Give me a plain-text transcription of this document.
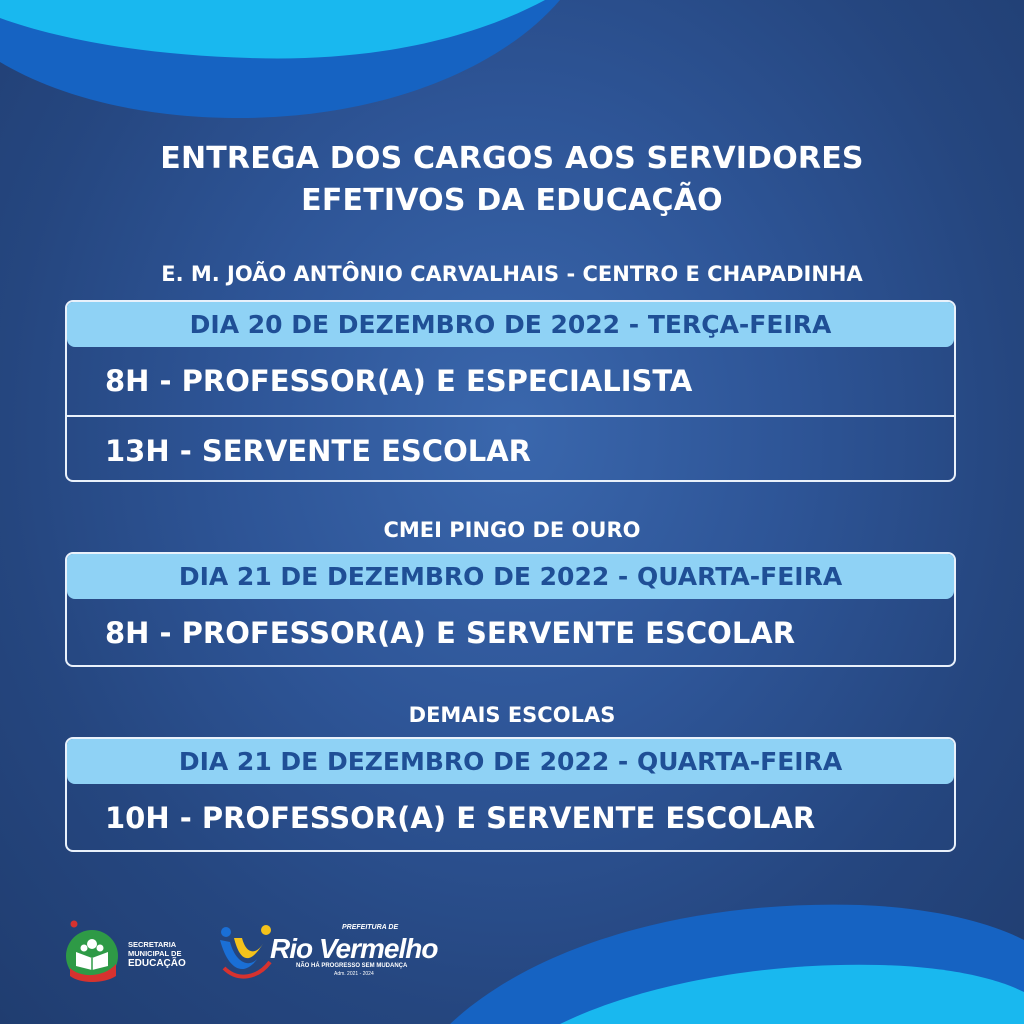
ENTREGA DOS CARGOS AOS SERVIDORES
EFETIVOS DA EDUCAÇÃO
E. M. JOÃO ANTÔNIO CARVALHAIS - CENTRO E CHAPADINHA
DIA 20 DE DEZEMBRO DE 2022 - TERÇA-FEIRA
8H - PROFESSOR(A) E ESPECIALISTA
13H - SERVENTE ESCOLAR
CMEI PINGO DE OURO
DIA 21 DE DEZEMBRO DE 2022 - QUARTA-FEIRA
8H - PROFESSOR(A) E SERVENTE ESCOLAR
DEMAIS ESCOLAS
DIA 21 DE DEZEMBRO DE 2022 - QUARTA-FEIRA
10H - PROFESSOR(A) E SERVENTE ESCOLAR
SECRETARIA
MUNICIPAL DE
EDUCAÇÃO
PREFEITURA DE
Rio Vermelho
NÃO HÁ PROGRESSO SEM MUDANÇA
Adm. 2021 - 2024
